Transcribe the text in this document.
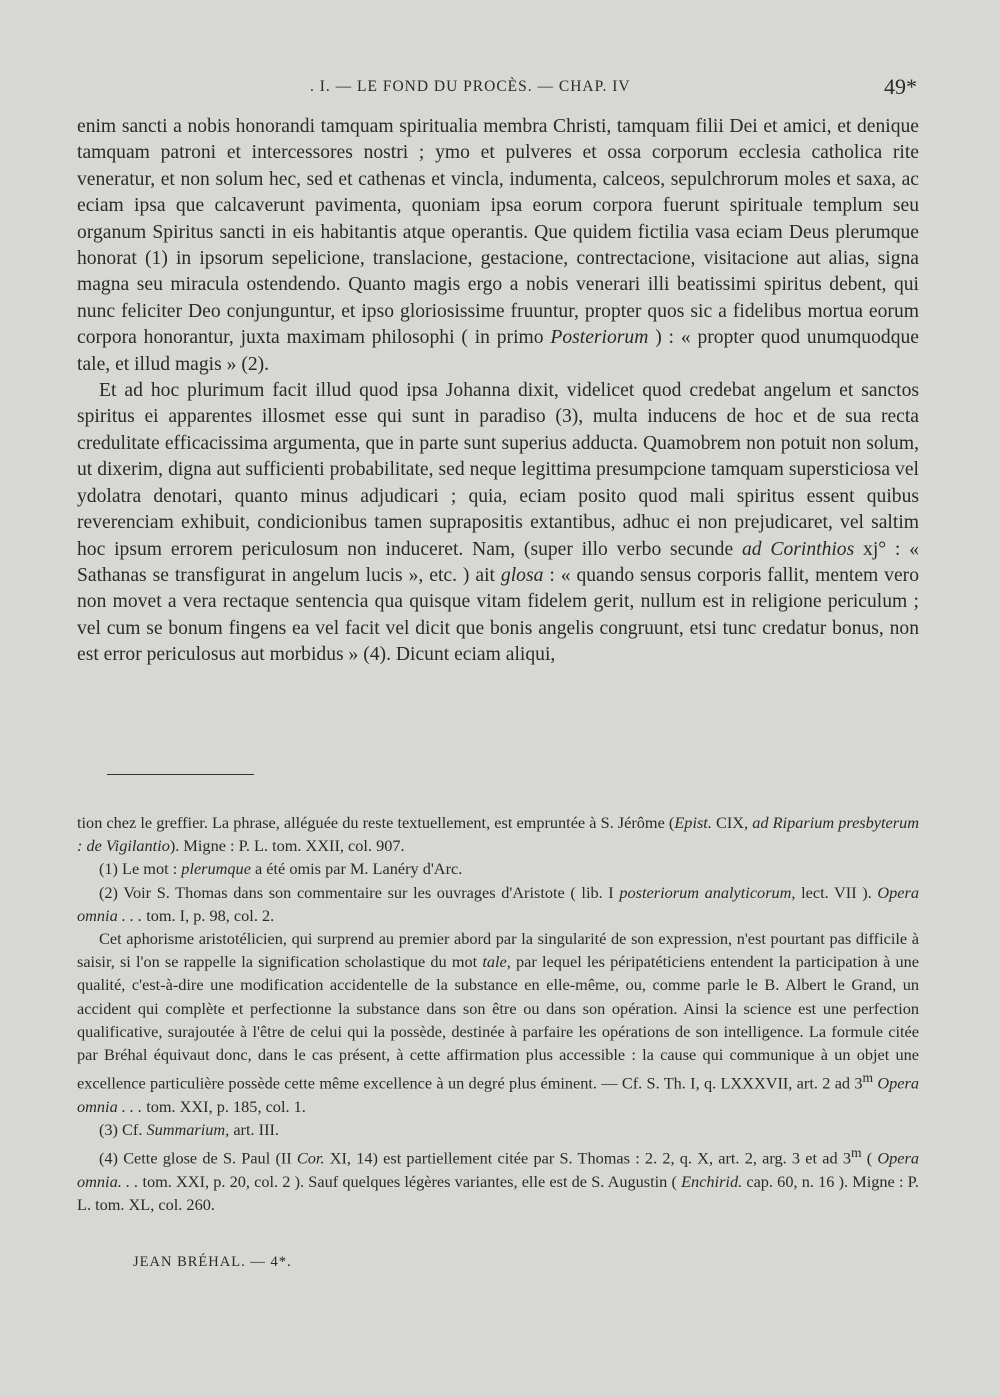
. I. — LE FOND DU PROCÈS. — CHAP. IV	49*

enim sancti a nobis honorandi tamquam spiritualia membra Christi, tamquam filii Dei et amici, et denique tamquam patroni et intercessores nostri ; ymo et pulveres et ossa corporum ecclesia catholica rite veneratur, et non solum hec, sed et cathenas et vincla, indumenta, calceos, sepulchrorum moles et saxa, ac eciam ipsa que calcaverunt pavimenta, quoniam ipsa eorum corpora fuerunt spirituale templum seu organum Spiritus sancti in eis habitantis atque operantis. Que quidem fictilia vasa eciam Deus plerumque honorat (1) in ipsorum sepelicione, translacione, gestacione, contrectacione, visitacione aut alias, signa magna seu miracula ostendendo. Quanto magis ergo a nobis venerari illi beatissimi spiritus debent, qui nunc feliciter Deo conjunguntur, et ipso gloriosissime fruuntur, propter quos sic a fidelibus mortua eorum corpora honorantur, juxta maximam philosophi ( in primo Posteriorum ) : « propter quod unumquodque tale, et illud magis » (2).

Et ad hoc plurimum facit illud quod ipsa Johanna dixit, videlicet quod credebat angelum et sanctos spiritus ei apparentes illosmet esse qui sunt in paradiso (3), multa inducens de hoc et de sua recta credulitate efficacissima argumenta, que in parte sunt superius adducta. Quamobrem non potuit non solum, ut dixerim, digna aut sufficienti probabilitate, sed neque legittima presumpcione tamquam supersticiosa vel ydolatra denotari, quanto minus adjudicari ; quia, eciam posito quod mali spiritus essent quibus reverenciam exhibuit, condicionibus tamen suprapositis extantibus, adhuc ei non prejudicaret, vel saltim hoc ipsum errorem periculosum non induceret. Nam, (super illo verbo secunde ad Corinthios xj° : « Sathanas se transfigurat in angelum lucis », etc. ) ait glosa : « quando sensus corporis fallit, mentem vero non movet a vera rectaque sentencia qua quisque vitam fidelem gerit, nullum est in religione periculum ; vel cum se bonum fingens ea vel facit vel dicit que bonis angelis congruunt, etsi tunc credatur bonus, non est error periculosus aut morbidus » (4). Dicunt eciam aliqui,

tion chez le greffier. La phrase, alléguée du reste textuellement, est empruntée à S. Jérôme (Epist. CIX, ad Riparium presbyterum : de Vigilantio). Migne : P. L. tom. XXII, col. 907.

(1) Le mot : plerumque a été omis par M. Lanéry d'Arc.

(2) Voir S. Thomas dans son commentaire sur les ouvrages d'Aristote ( lib. I posteriorum analyticorum, lect. VII ). Opera omnia . . . tom. I, p. 98, col. 2.

Cet aphorisme aristotélicien, qui surprend au premier abord par la singularité de son expression, n'est pourtant pas difficile à saisir, si l'on se rappelle la signification scholastique du mot tale, par lequel les péripatéticiens entendent la participation à une qualité, c'est-à-dire une modification accidentelle de la substance en elle-même, ou, comme parle le B. Albert le Grand, un accident qui complète et perfectionne la substance dans son être ou dans son opération. Ainsi la science est une perfection qualificative, surajoutée à l'être de celui qui la possède, destinée à parfaire les opérations de son intelligence. La formule citée par Bréhal équivaut donc, dans le cas présent, à cette affirmation plus accessible : la cause qui communique à un objet une excellence particulière possède cette même excellence à un degré plus éminent. — Cf. S. Th. I, q. LXXXVII, art. 2 ad 3$^m$ Opera omnia . . . tom. XXI, p. 185, col. 1.

(3) Cf. Summarium, art. III.

(4) Cette glose de S. Paul (II Cor. XI, 14) est partiellement citée par S. Thomas : 2. 2, q. X, art. 2, arg. 3 et ad 3$^m$ ( Opera omnia. . . tom. XXI, p. 20, col. 2 ). Sauf quelques légères variantes, elle est de S. Augustin ( Enchirid. cap. 60, n. 16 ). Migne : P. L. tom. XL, col. 260.

JEAN BRÉHAL. — 4*.
